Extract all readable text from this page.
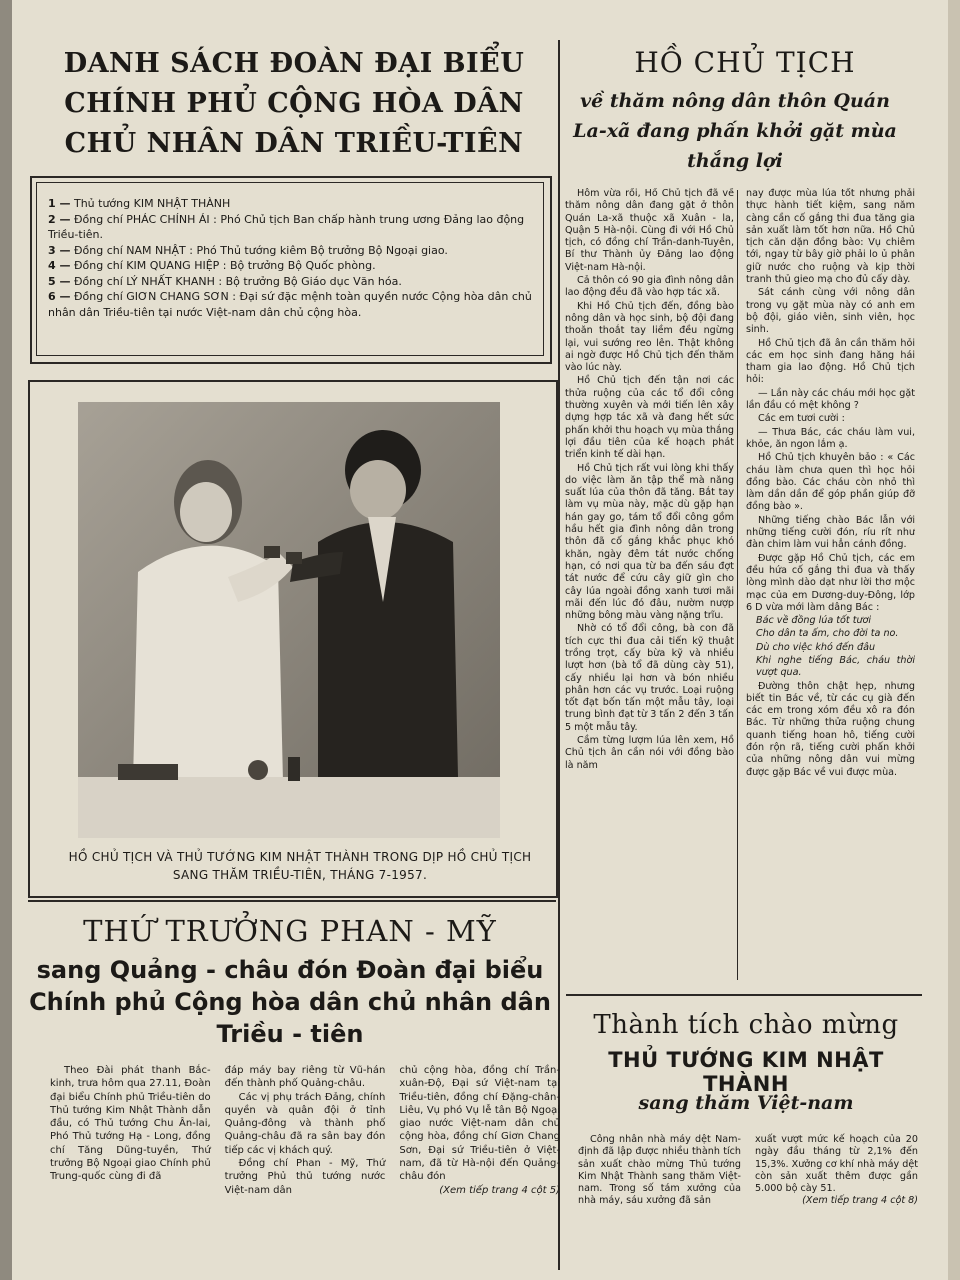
DANH SÁCH ĐOÀN ĐẠI BIỂU CHÍNH PHỦ CỘNG HÒA DÂN CHỦ NHÂN DÂN TRIỀU-TIÊN

1 — Thủ tướng KIM NHẬT THÀNH

2 — Đồng chí PHÁC CHÍNH ÁI : Phó Chủ tịch Ban chấp hành trung ương Đảng lao động Triều-tiên.

3 — Đồng chí NAM NHẬT : Phó Thủ tướng kiêm Bộ trưởng Bộ Ngoại giao.

4 — Đồng chí KIM QUANG HIỆP : Bộ trưởng Bộ Quốc phòng.

5 — Đồng chí LÝ NHẤT KHANH : Bộ trưởng Bộ Giáo dục Văn hóa.

6 — Đồng chí GIƠN CHANG SƠN : Đại sứ đặc mệnh toàn quyền nước Cộng hòa dân chủ nhân dân Triều-tiên tại nước Việt-nam dân chủ cộng hòa.

HỒ CHỦ TỊCH VÀ THỦ TƯỚNG KIM NHẬT THÀNH TRONG DỊP HỒ CHỦ TỊCH SANG THĂM TRIỀU-TIÊN, THÁNG 7-1957.
THỨ TRƯỞNG PHAN - MỸ
sang Quảng - châu đón Đoàn đại biểu Chính phủ Cộng hòa dân chủ nhân dân Triều - tiên

Theo Đài phát thanh Bắc-kinh, trưa hôm qua 27.11, Đoàn đại biểu Chính phủ Triều-tiên do Thủ tướng Kim Nhật Thành dẫn đầu, có Thủ tướng Chu Ân-lai, Phó Thủ tướng Hạ - Long, đồng chí Tăng Dũng-tuyền, Thứ trưởng Bộ Ngoại giao Chính phủ Trung-quốc cùng đi đã

đáp máy bay riêng từ Vũ-hán đến thành phố Quảng-châu.

Các vị phụ trách Đảng, chính quyền và quân đội ở tỉnh Quảng-đông và thành phố Quảng-châu đã ra sân bay đón tiếp các vị khách quý.

Đồng chí Phan - Mỹ, Thứ trưởng Phủ thủ tướng nước Việt-nam dân

chủ cộng hòa, đồng chí Trần-xuân-Độ, Đại sứ Việt-nam tại Triều-tiên, đồng chí Đặng-chân-Liêu, Vụ phó Vụ lễ tân Bộ Ngoại giao nước Việt-nam dân chủ cộng hòa, đồng chí Giơn Chang Sơn, Đại sứ Triều-tiên ở Việt-nam, đã từ Hà-nội đến Quảng-châu đón

(Xem tiếp trang 4 cột 5)
HỒ CHỦ TỊCH
về thăm nông dân thôn Quán La-xã đang phấn khởi gặt mùa thắng lợi

Hôm vừa rồi, Hồ Chủ tịch đã về thăm nông dân đang gặt ở thôn Quán La-xã thuộc xã Xuân - la, Quận 5 Hà-nội. Cùng đi với Hồ Chủ tịch, có đồng chí Trần-danh-Tuyên, Bí thư Thành ủy Đảng lao động Việt-nam Hà-nội.

Cả thôn có 90 gia đình nông dân lao động đều đã vào hợp tác xã.

Khi Hồ Chủ tịch đến, đồng bào nông dân và học sinh, bộ đội đang thoăn thoắt tay liềm đều ngừng lại, vui sướng reo lên. Thật không ai ngờ được Hồ Chủ tịch đến thăm vào lúc này.

Hồ Chủ tịch đến tận nơi các thửa ruộng của các tổ đổi công thường xuyên và mới tiến lên xây dựng hợp tác xã và đang hết sức phấn khởi thu hoạch vụ mùa thắng lợi đầu tiên của kế hoạch phát triển kinh tế dài hạn.

Hồ Chủ tịch rất vui lòng khi thấy do việc làm ăn tập thể mà năng suất lúa của thôn đã tăng. Bắt tay làm vụ mùa này, mặc dù gặp hạn hán gay go, tám tổ đổi công gồm hầu hết gia đình nông dân trong thôn đã cố gắng khắc phục khó khăn, ngày đêm tát nước chống hạn, có nơi qua từ ba đến sáu đợt tát nước để cứu cây giữ gìn cho cây lúa ngoài đồng xanh tươi mãi mãi đến lúc đó đâu, nườm nượp những bông màu vàng nặng trĩu.

Nhờ có tổ đổi công, bà con đã tích cực thi đua cải tiến kỹ thuật trồng trọt, cấy bừa kỹ và nhiều lượt hơn (bà tổ đã dùng cày 51), cấy nhiều lại hơn và bón nhiều phân hơn các vụ trước. Loại ruộng tốt đạt bốn tấn một mẫu tây, loại trung bình đạt từ 3 tấn 2 đến 3 tấn 5 một mẫu tây.

Cầm từng lượm lúa lên xem, Hồ Chủ tịch ân cần nói với đồng bào là năm

nay được mùa lúa tốt nhưng phải thực hành tiết kiệm, sang năm càng cần cố gắng thi đua tăng gia sản xuất làm tốt hơn nữa. Hồ Chủ tịch căn dặn đồng bào: Vụ chiêm tới, ngay từ bây giờ phải lo ủ phân giữ nước cho ruộng và kịp thời tranh thủ gieo mạ cho đủ cấy dày.

Sát cánh cùng với nông dân trong vụ gặt mùa này có anh em bộ đội, giáo viên, sinh viên, học sinh.

Hồ Chủ tịch đã ân cần thăm hỏi các em học sinh đang hăng hái tham gia lao động. Hồ Chủ tịch hỏi:

— Lần này các cháu mới học gặt lần đầu có mệt không ?

Các em tươi cười :

— Thưa Bác, các cháu làm vui, khỏe, ăn ngon lắm ạ.

Hồ Chủ tịch khuyên bảo : « Các cháu làm chưa quen thì học hỏi đồng bào. Các cháu còn nhỏ thì làm dần dần để góp phần giúp đỡ đồng bào ».

Những tiếng chào Bác lẫn với những tiếng cười đón, ríu rít như đàn chim làm vui hẳn cánh đồng.

Được gặp Hồ Chủ tịch, các em đều hứa cố gắng thi đua và thấy lòng mình dào dạt như lời thơ mộc mạc của em Dương-duy-Đông, lớp 6 D vừa mới làm dâng Bác :

Bác về đồng lúa tốt tươi

Cho dân ta ấm, cho đời ta no.

Dù cho việc khó đến đâu

Khi nghe tiếng Bác, cháu thời vượt qua.

Đường thôn chật hẹp, nhưng biết tin Bác về, từ các cụ già đến các em trong xóm đều xô ra đón Bác. Từ những thửa ruộng chung quanh tiếng hoan hô, tiếng cười đón rộn rã, tiếng cười phấn khởi của những nông dân vui mừng được gặp Bác về vui được mùa.

Thành tích chào mừng
THỦ TƯỚNG KIM NHẬT THÀNH
sang thăm Việt-nam

Công nhân nhà máy dệt Nam-định đã lập được nhiều thành tích sản xuất chào mừng Thủ tướng Kim Nhật Thành sang thăm Việt-nam. Trong số tám xưởng của nhà máy, sáu xưởng đã sản

xuất vượt mức kế hoạch của 20 ngày đầu tháng từ 2,1% đến 15,3%. Xưởng cơ khí nhà máy dệt còn sản xuất thêm được gần 5.000 bộ cày 51.

(Xem tiếp trang 4 cột 8)
